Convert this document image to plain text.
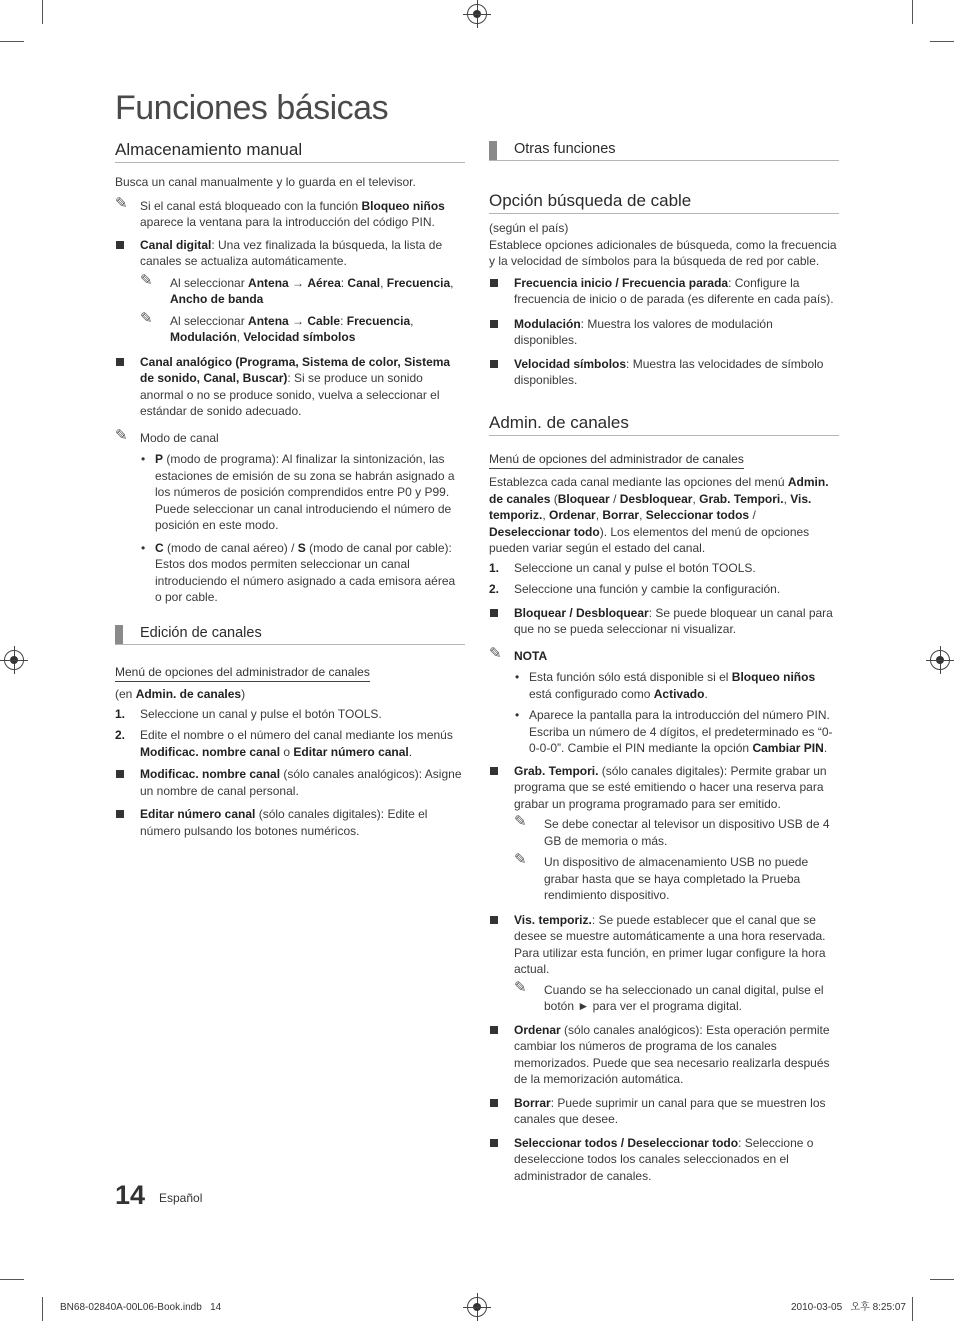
Funciones básicas
Almacenamiento manual

Busca un canal manualmente y lo guarda en el televisor.

✎ Si el canal está bloqueado con la función Bloqueo niños aparece la ventana para la introducción del código PIN.
Canal digital: Una vez finalizada la búsqueda, la lista de canales se actualiza automáticamente.
✎ Al seleccionar Antena → Aérea: Canal, Frecuencia, Ancho de banda
✎ Al seleccionar Antena → Cable: Frecuencia, Modulación, Velocidad símbolos
Canal analógico (Programa, Sistema de color, Sistema de sonido, Canal, Buscar): Si se produce un sonido anormal o no se produce sonido, vuelva a seleccionar el estándar de sonido adecuado.
✎ Modo de canal
• P (modo de programa): Al finalizar la sintonización, las estaciones de emisión de su zona se habrán asignado a los números de posición comprendidos entre P0 y P99. Puede seleccionar un canal introduciendo el número de posición en este modo.
• C (modo de canal aéreo) / S (modo de canal por cable): Estos dos modos permiten seleccionar un canal introduciendo el número asignado a cada emisora aérea o por cable.
Edición de canales

Menú de opciones del administrador de canales

(en Admin. de canales)

1. Seleccione un canal y pulse el botón TOOLS.
2. Edite el nombre o el número del canal mediante los menús Modificac. nombre canal o Editar número canal.
Modificac. nombre canal (sólo canales analógicos): Asigne un nombre de canal personal.
Editar número canal (sólo canales digitales): Edite el número pulsando los botones numéricos.
Otras funciones
Opción búsqueda de cable

(según el país)

Establece opciones adicionales de búsqueda, como la frecuencia y la velocidad de símbolos para la búsqueda de red por cable.

Frecuencia inicio / Frecuencia parada: Configure la frecuencia de inicio o de parada (es diferente en cada país).
Modulación: Muestra los valores de modulación disponibles.
Velocidad símbolos: Muestra las velocidades de símbolo disponibles.
Admin. de canales

Menú de opciones del administrador de canales

Establezca cada canal mediante las opciones del menú Admin. de canales (Bloquear / Desbloquear, Grab. Tempori., Vis. temporiz., Ordenar, Borrar, Seleccionar todos / Deseleccionar todo). Los elementos del menú de opciones pueden variar según el estado del canal.

1. Seleccione un canal y pulse el botón TOOLS.
2. Seleccione una función y cambie la configuración.
Bloquear / Desbloquear: Se puede bloquear un canal para que no se pueda seleccionar ni visualizar.
✎ NOTA
• Esta función sólo está disponible si el Bloqueo niños está configurado como Activado.
• Aparece la pantalla para la introducción del número PIN. Escriba un número de 4 dígitos, el predeterminado es “0-0-0-0”. Cambie el PIN mediante la opción Cambiar PIN.
Grab. Tempori. (sólo canales digitales): Permite grabar un programa que se esté emitiendo o hacer una reserva para grabar un programa programado para ser emitido.
✎ Se debe conectar al televisor un dispositivo USB de 4 GB de memoria o más.
✎ Un dispositivo de almacenamiento USB no puede grabar hasta que se haya completado la Prueba rendimiento dispositivo.
Vis. temporiz.: Se puede establecer que el canal que se desee se muestre automáticamente a una hora reservada. Para utilizar esta función, en primer lugar configure la hora actual.
✎ Cuando se ha seleccionado un canal digital, pulse el botón ► para ver el programa digital.
Ordenar (sólo canales analógicos): Esta operación permite cambiar los números de programa de los canales memorizados. Puede que sea necesario realizarla después de la memorización automática.
Borrar: Puede suprimir un canal para que se muestren los canales que desee.
Seleccionar todos / Deseleccionar todo: Seleccione o deseleccione todos los canales seleccionados en el administrador de canales.
14 Español
BN68-02840A-00L06-Book.indb   14	2010-03-05   오후 8:25:07
